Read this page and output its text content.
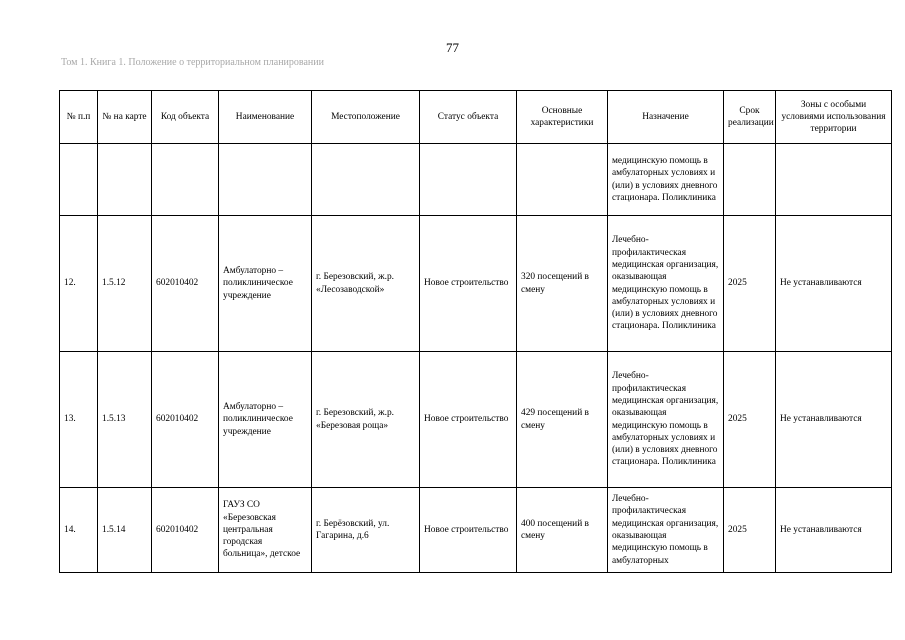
77
Том 1. Книга 1. Положение о территориальном планировании
№ п.п	№ на карте	Код объекта	Наименование	Местоположение	Статус объекта	Основные характеристики	Назначение	Срок реализации	Зоны с особыми условиями использования территории
							медицинскую помощь в амбулаторных условиях и (или) в условиях дневного стационара. Поликлиника		
12.	1.5.12	602010402	Амбулаторно – поликлиническое учреждение	г. Березовский, ж.р. «Лесозаводской»	Новое строительство	320 посещений в смену	Лечебно-профилактическая медицинская организация, оказывающая медицинскую помощь в амбулаторных условиях и (или) в условиях дневного стационара. Поликлиника	2025	Не устанавливаются
13.	1.5.13	602010402	Амбулаторно – поликлиническое учреждение	г. Березовский, ж.р. «Березовая роща»	Новое строительство	429 посещений в смену	Лечебно-профилактическая медицинская организация, оказывающая медицинскую помощь в амбулаторных условиях и (или) в условиях дневного стационара. Поликлиника	2025	Не устанавливаются
14.	1.5.14	602010402	ГАУЗ СО «Березовская центральная городская больница», детское	г. Берёзовский, ул. Гагарина, д.6	Новое строительство	400 посещений в смену	Лечебно-профилактическая медицинская организация, оказывающая медицинскую помощь в амбулаторных	2025	Не устанавливаются
